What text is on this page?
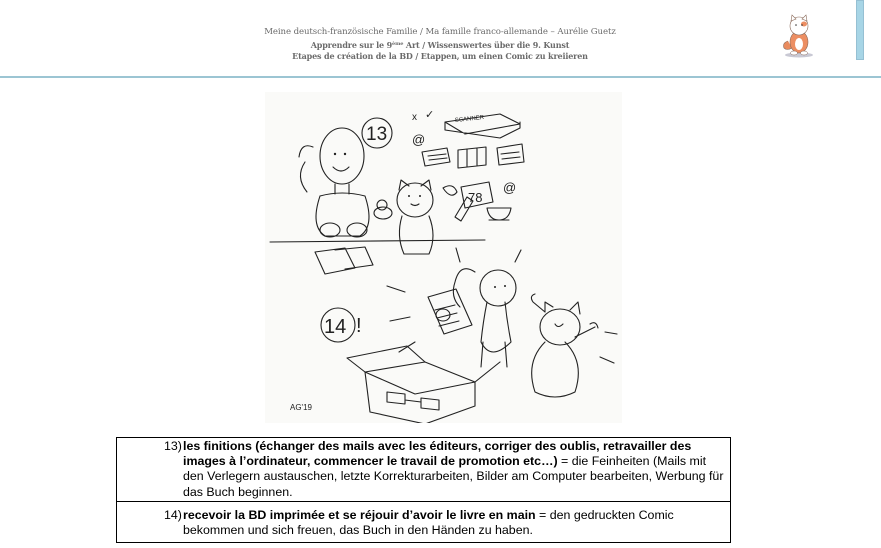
Meine deutsch-französische Familie / Ma famille franco-allemande – Aurélie Guetz
Apprendre sur le 9ème Art / Wissenswertes über die 9. Kunst
Etapes de création de la BD / Etappen, um einen Comic zu kreiieren
13
SCANNER
x ✓
@
@
78
14 !
AG'19
13) les finitions (échanger des mails avec les éditeurs, corriger des oublis, retravailler des images à l’ordinateur, commencer le travail de promotion etc…) = die Feinheiten (Mails mit den Verlegern austauschen, letzte Korrekturarbeiten, Bilder am Computer bearbeiten, Werbung für das Buch beginnen.
14) recevoir la BD imprimée et se réjouir d’avoir le livre en main = den gedruckten Comic bekommen und sich freuen, das Buch in den Händen zu haben.
